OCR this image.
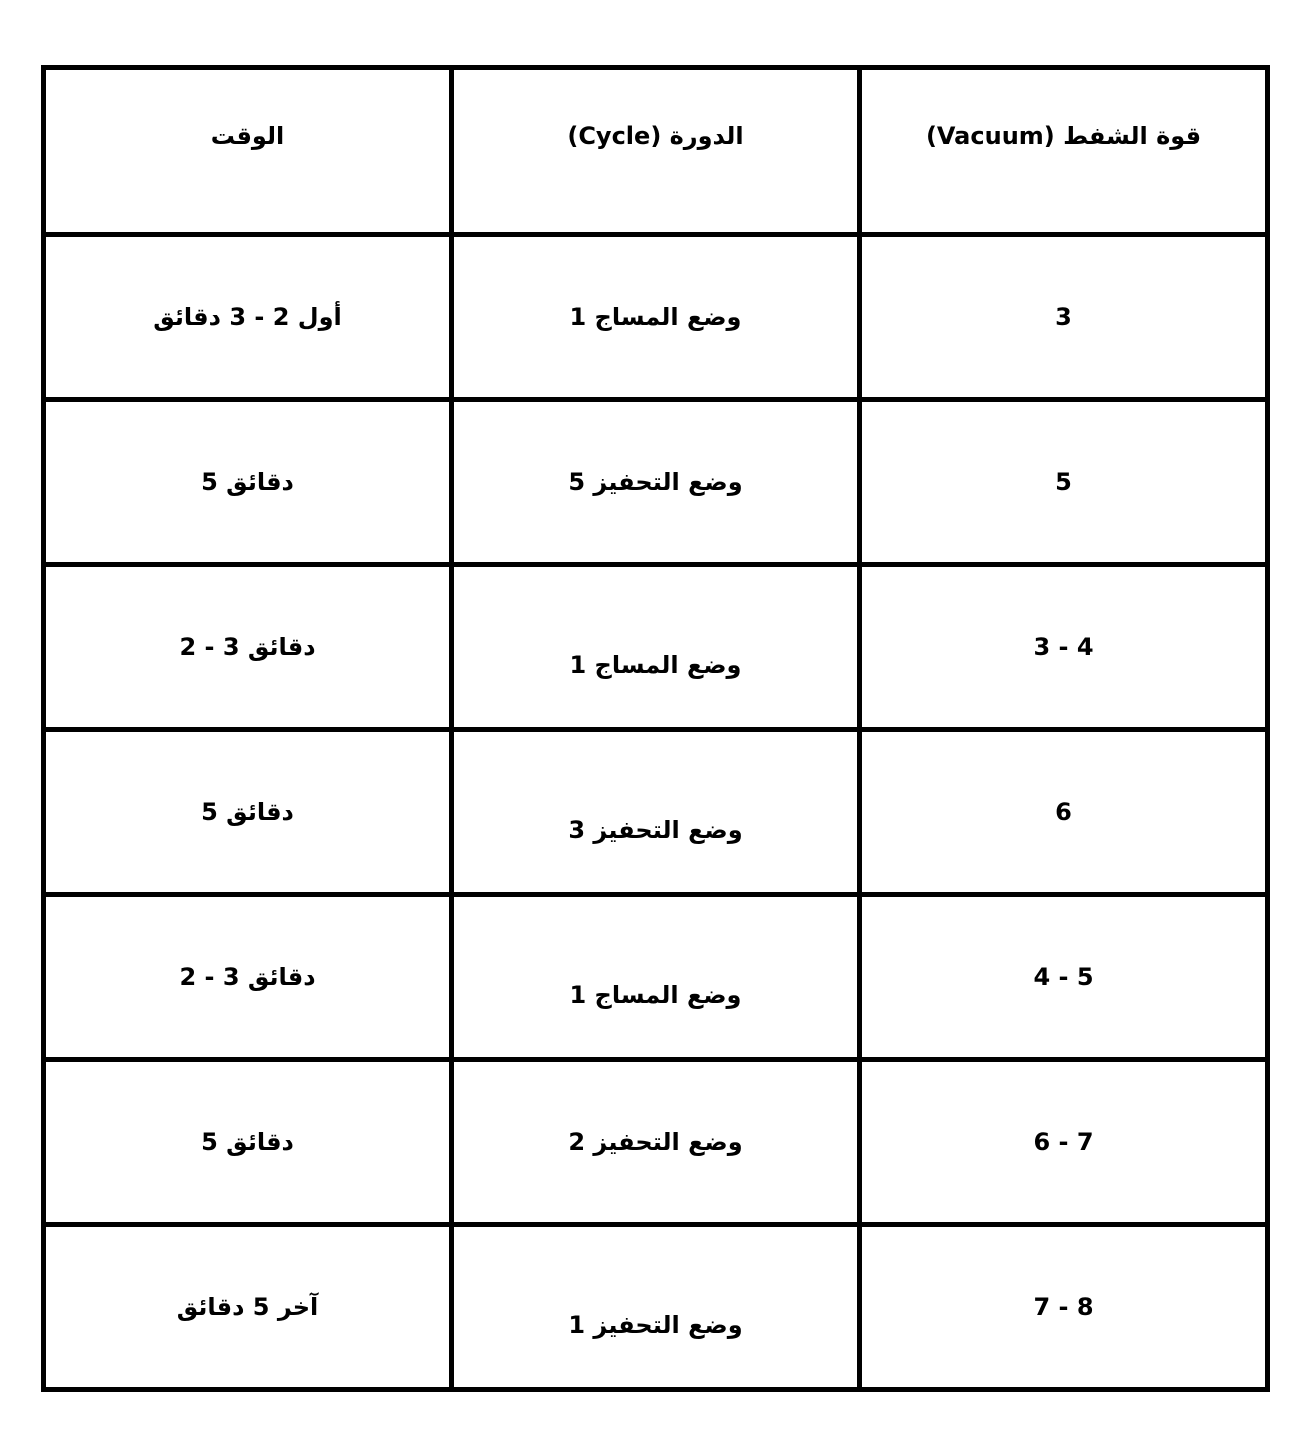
قوة الشفط (Vacuum)	الدورة (Cycle)	الوقت
3	وضع المساج 1	أول 2 - 3 دقائق
5	وضع التحفيز 5	دقائق 5
3 - 4	وضع المساج 1	دقائق 3 - 2
6	وضع التحفيز 3	دقائق 5
4 - 5	وضع المساج 1	دقائق 3 - 2
6 - 7	وضع التحفيز 2	دقائق 5
7 - 8	وضع التحفيز 1	آخر 5 دقائق
